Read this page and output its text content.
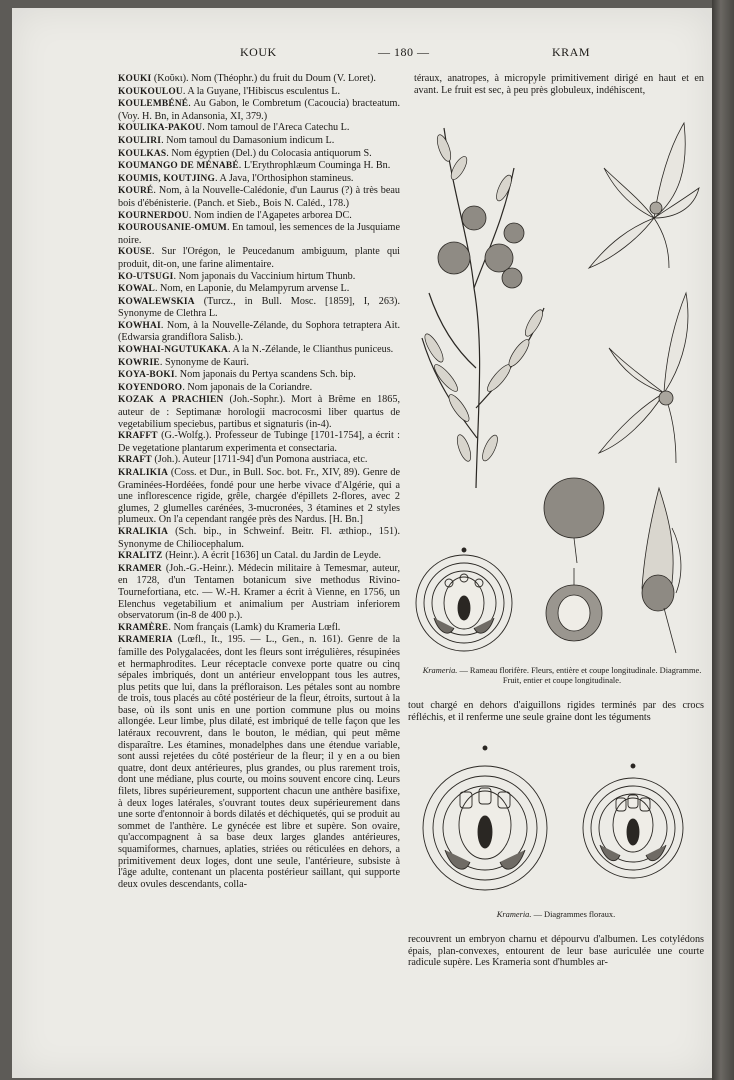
KOUK	— 180 —	KRAM

KOUKI (Κοῦκι). Nom (Théophr.) du fruit du Doum (V. Loret).

KOUKOULOU. A la Guyane, l'Hibiscus esculentus L.

KOULEMBÉNÉ. Au Gabon, le Combretum (Cacoucia) bracteatum. (Voy. H. Bn, in Adansonia, XI, 379.)

KOULIKA-PAKOU. Nom tamoul de l'Areca Catechu L.

KOULIRI. Nom tamoul du Damasonium indicum L.

KOULKAS. Nom égyptien (Del.) du Colocasia antiquorum S.

KOUMANGO DE MÉNABÉ. L'Erythrophlæum Couminga H. Bn.

KOUMIS, KOUTJING. A Java, l'Orthosiphon stamineus.

KOURÉ. Nom, à la Nouvelle-Calédonie, d'un Laurus (?) à très beau bois d'ébénisterie. (Panch. et Sieb., Bois N. Caléd., 178.)

KOURNERDOU. Nom indien de l'Agapetes arborea DC.

KOUROUSANIE-OMUM. En tamoul, les semences de la Jusquiame noire.

KOUSE. Sur l'Orégon, le Peucedanum ambiguum, plante qui produit, dit-on, une farine alimentaire.

KO-UTSUGI. Nom japonais du Vaccinium hirtum Thunb.

KOWAL. Nom, en Laponie, du Melampyrum arvense L.

KOWALEWSKIA (Turcz., in Bull. Mosc. [1859], I, 263). Synonyme de Clethra L.

KOWHAI. Nom, à la Nouvelle-Zélande, du Sophora tetraptera Ait. (Edwarsia grandiflora Salisb.).

KOWHAI-NGUTUKAKA. A la N.-Zélande, le Clianthus puniceus.

KOWRIE. Synonyme de Kauri.

KOYA-BOKI. Nom japonais du Pertya scandens Sch. bip.

KOYENDORO. Nom japonais de la Coriandre.

KOZAK A PRACHIEN (Joh.-Sophr.). Mort à Brême en 1865, auteur de : Septimanæ horologii macrocosmi liber quartus de vegetabilium speciebus, partibus et signaturis (in-4).

KRAFFT (G.-Wolfg.). Professeur de Tubinge [1701-1754], a écrit : De vegetatione plantarum experimenta et consectaria.

KRAFT (Joh.). Auteur [1711-94] d'un Pomona austriaca, etc.

KRALIKIA (Coss. et Dur., in Bull. Soc. bot. Fr., XIV, 89). Genre de Graminées-Hordéées, fondé pour une herbe vivace d'Algérie, qui a une inflorescence rigide, grêle, chargée d'épillets 2-flores, avec 2 glumes, 2 glumelles carénées, 3-mucronées, 3 étamines et 2 styles plumeux. On l'a cependant rangée près des Nardus. [H. Bn.]

KRALIKIA (Sch. bip., in Schweinf. Beitr. Fl. æthiop., 151). Synonyme de Chiliocephalum.

KRALITZ (Heinr.). A écrit [1636] un Catal. du Jardin de Leyde.

KRAMER (Joh.-G.-Heinr.). Médecin militaire à Temesmar, auteur, en 1728, d'un Tentamen botanicum sive methodus Rivino-Tournefortiana, etc. — W.-H. Kramer a écrit à Vienne, en 1756, un Elenchus vegetabilium et animalium per Austriam inferiorem observatorum (in-8 de 400 p.).

KRAMÈRE. Nom français (Lamk) du Krameria Lœfl.

KRAMERIA (Lœfl., It., 195. — L., Gen., n. 161). Genre de la famille des Polygalacées, dont les fleurs sont irrégulières, résupinées et hermaphrodites. Leur réceptacle convexe porte quatre ou cinq sépales imbriqués, dont un antérieur enveloppant tous les autres, plus petits que lui, dans la préfloraison. Les pétales sont au nombre de trois, tous placés au côté postérieur de la fleur, étroits, surtout à la base, où ils sont unis en une portion commune plus ou moins allongée. Leur limbe, plus dilaté, est imbriqué de telle façon que les latéraux recouvrent, dans le bouton, le médian, qui peut même disparaître. Les étamines, monadelphes dans une étendue variable, sont aussi rejetées du côté postérieur de la fleur; il y en a ou bien quatre, dont deux antérieures, plus grandes, ou plus rarement trois, dont une médiane, plus courte, ou moins souvent encore cinq. Leurs filets, libres supérieurement, supportent chacun une anthère basifixe, à deux loges latérales, s'ouvrant toutes deux supérieurement dans une sorte d'entonnoir à bords dilatés et déchiquetés, qui se produit au sommet de l'anthère. Le gynécée est libre et supère. Son ovaire, qu'accompagnent à sa base deux larges glandes antérieures, squamiformes, charnues, aplaties, striées ou réticulées en dehors, a primitivement deux loges, dont une seule, l'antérieure, subsiste à l'âge adulte, contenant un placenta postérieur saillant, qui supporte deux ovules descendants, colla-

téraux, anatropes, à micropyle primitivement dirigé en haut et en avant. Le fruit est sec, à peu près globuleux, indéhiscent,
Krameria. — Rameau florifère. Fleurs, entière et coupe longitudinale. Diagramme. Fruit, entier et coupe longitudinale.
tout chargé en dehors d'aiguillons rigides terminés par des crocs réfléchis, et il renferme une seule graine dont les téguments
Krameria. — Diagrammes floraux.
recouvrent un embryon charnu et dépourvu d'albumen. Les cotylédons épais, plan-convexes, entourent de leur base auriculée une courte radicule supère. Les Krameria sont d'humbles ar-
